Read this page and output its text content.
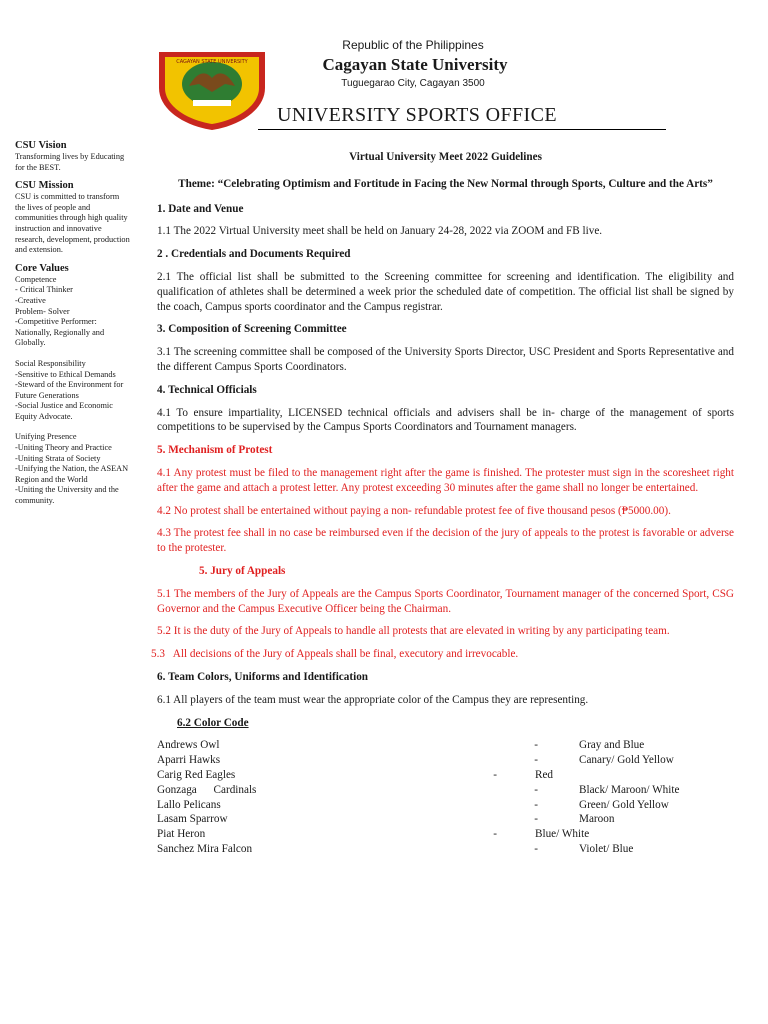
CAGAYAN STATE UNIVERSITY
Republic of the Philippines
Cagayan State University
Tuguegarao City, Cagayan 3500
UNIVERSITY SPORTS OFFICE
CSU Vision

Transforming lives by Educating for the BEST.

CSU Mission

CSU is committed to transform the lives of people and communities through high quality instruction and innovative research, development, production and extension.

Core Values
Competence
- Critical Thinker
-Creative
Problem- Solver
-Competitive Performer: Nationally, Regionally and Globally.
Social Responsibility
-Sensitive to Ethical Demands
-Steward of the Environment for Future Generations
-Social Justice and Economic Equity Advocate.
Unifying Presence
-Uniting Theory and Practice
-Uniting Strata of Society
-Unifying the Nation, the ASEAN Region and the World
-Uniting the University and the community.

Virtual University Meet 2022 Guidelines

Theme: “Celebrating Optimism and Fortitude in Facing the New Normal through Sports, Culture and the Arts”

1. Date and Venue

1.1 The 2022 Virtual University meet shall be held on January 24-28, 2022 via ZOOM and FB live.

2 . Credentials and Documents Required

2.1 The official list shall be submitted to the Screening committee for screening and identification. The eligibility and qualification of athletes shall be determined a week prior the scheduled date of competition. The official list shall be signed by the coach, Campus sports coordinator and the Campus registrar.

3. Composition of Screening Committee

3.1 The screening committee shall be composed of the University Sports Director, USC President and Sports Representative and the different Campus Sports Coordinators.

4. Technical Officials

4.1 To ensure impartiality, LICENSED technical officials and advisers shall be in- charge of the management of sports competitions to be supervised by the Campus Sports Coordinators and Tournament managers.

5. Mechanism of Protest

4.1 Any protest must be filed to the management right after the game is finished. The protester must sign in the scoresheet right after the game and attach a protest letter. Any protest exceeding 30 minutes after the game shall no longer be entertained.

4.2 No protest shall be entertained without paying a non- refundable protest fee of five thousand pesos (₱5000.00).

4.3 The protest fee shall in no case be reimbursed even if the decision of the jury of appeals to the protest is favorable or adverse to the protester.

5. Jury of Appeals

5.1 The members of the Jury of Appeals are the Campus Sports Coordinator, Tournament manager of the concerned Sport, CSG Governor and the Campus Executive Officer being the Chairman.

5.2 It is the duty of the Jury of Appeals to handle all protests that are elevated in writing by any participating team.

5.3   All decisions of the Jury of Appeals shall be final, executory and irrevocable.

6. Team Colors, Uniforms and Identification

6.1 All players of the team must wear the appropriate color of the Campus they are representing.

6.2 Color Code

Andrews Owl	- Gray and Blue
Aparri Hawks	- Canary/ Gold Yellow
Carig Red Eagles	- Red
Gonzaga      Cardinals	- Black/ Maroon/ White
Lallo Pelicans	- Green/ Gold Yellow
Lasam Sparrow	- Maroon
Piat Heron	- Blue/ White
Sanchez Mira Falcon	- Violet/ Blue
